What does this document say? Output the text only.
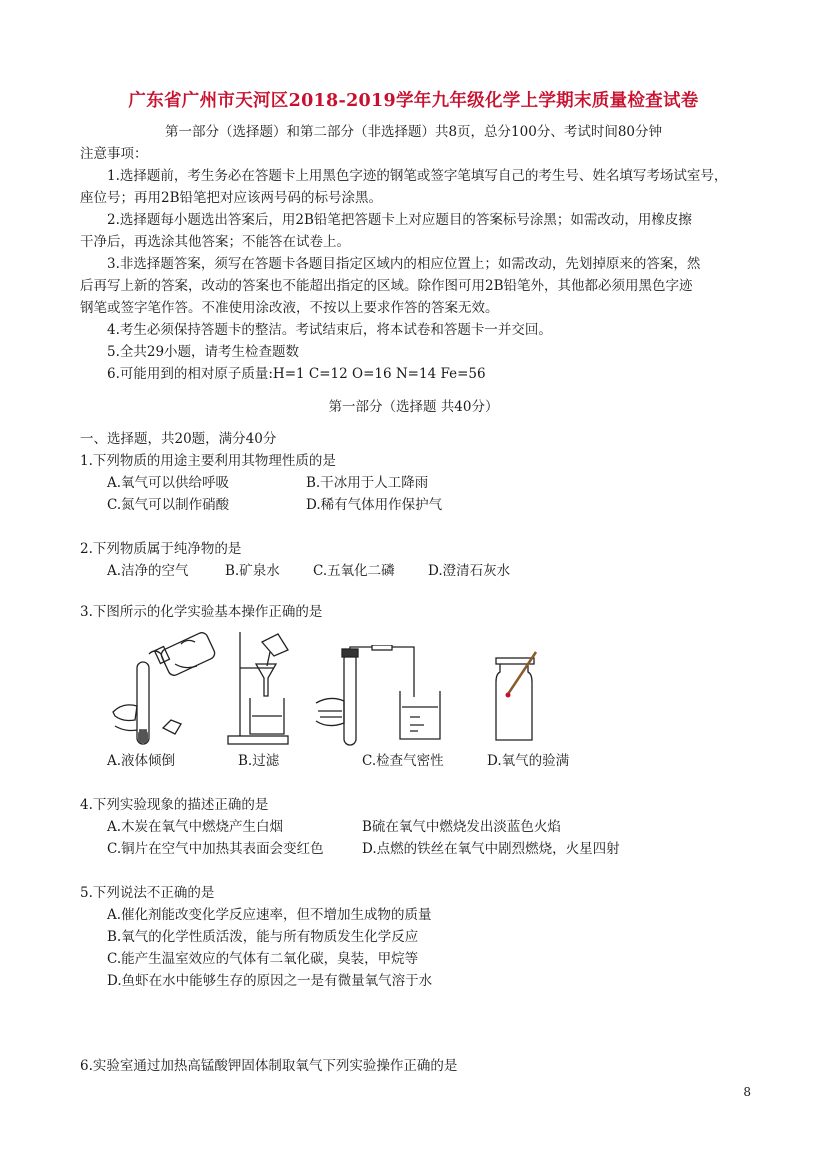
广东省广州市天河区2018-2019学年九年级化学上学期末质量检查试卷
第一部分（选择题）和第二部分（非选择题）共8页，总分100分、考试时间80分钟
注意事项：
1.选择题前，考生务必在答题卡上用黑色字迹的钢笔或签字笔填写自己的考生号、姓名填写考场试室号，
座位号；再用2B铅笔把对应该两号码的标号涂黑。
2.选择题每小题选出答案后，用2B铅笔把答题卡上对应题目的答案标号涂黑；如需改动，用橡皮擦
干净后，再选涂其他答案；不能答在试卷上。
3.非选择题答案，须写在答题卡各题目指定区域内的相应位置上；如需改动，先划掉原来的答案，然
后再写上新的答案，改动的答案也不能超出指定的区域。除作图可用2B铅笔外，其他都必须用黑色字迹
钢笔或签字笔作答。不准使用涂改液，不按以上要求作答的答案无效。
4.考生必须保持答题卡的整洁。考试结束后，将本试卷和答题卡一并交回。
5.全共29小题，请考生检查题数
6.可能用到的相对原子质量:H=1 C=12 O=16 N=14 Fe=56
第一部分（选择题 共40分）
一、选择题，共20题，满分40分
1.下列物质的用途主要利用其物理性质的是
A.氧气可以供给呼吸	B.干冰用于人工降雨
C.氮气可以制作硝酸	D.稀有气体用作保护气
2.下列物质属于纯净物的是
A.洁净的空气	B.矿泉水 C.五氧化二磷 D.澄清石灰水
3.下图所示的化学实验基本操作正确的是
A.液体倾倒	B.过滤	C.检查气密性	D.氧气的验满
4.下列实验现象的描述正确的是
A.木炭在氧气中燃烧产生白烟	B硫在氧气中燃烧发出淡蓝色火焰
C.铜片在空气中加热其表面会变红色	D.点燃的铁丝在氧气中剧烈燃烧，火星四射
5.下列说法不正确的是
A.催化剂能改变化学反应速率，但不增加生成物的质量
B.氧气的化学性质活泼，能与所有物质发生化学反应
C.能产生温室效应的气体有二氧化碳，臭装，甲烷等
D.鱼虾在水中能够生存的原因之一是有微量氧气溶于水
6.实验室通过加热高锰酸钾固体制取氧气下列实验操作正确的是
8
